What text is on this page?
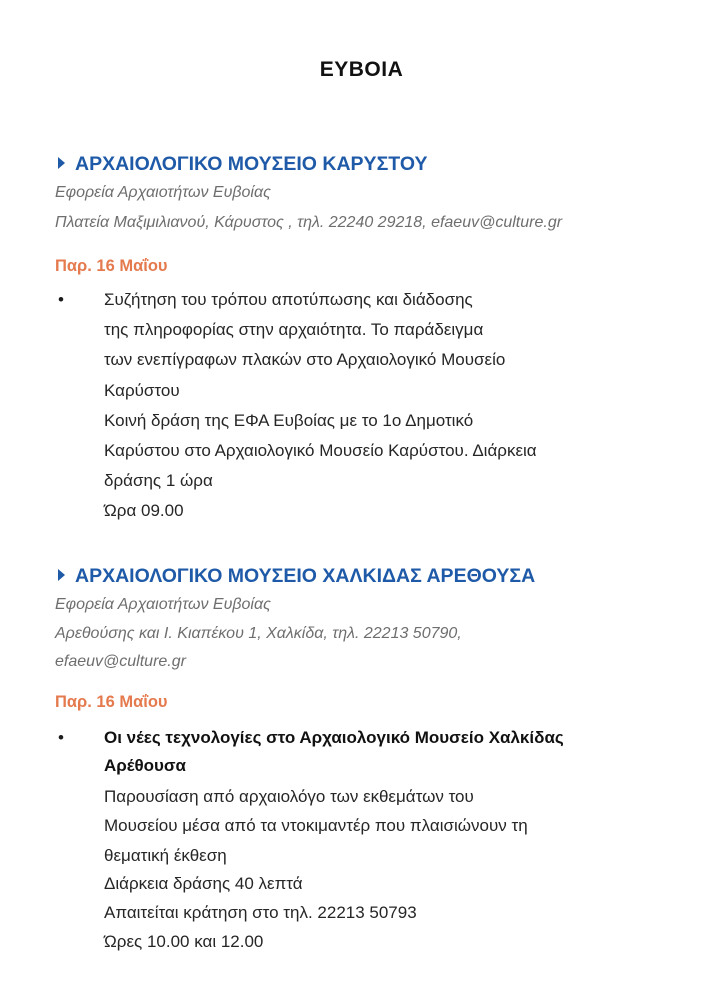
ΕΥΒΟΙΑ
ΑΡΧΑΙΟΛΟΓΙΚΟ ΜΟΥΣΕΙΟ ΚΑΡΥΣΤΟΥ
Εφορεία Αρχαιοτήτων Ευβοίας
Πλατεία Μαξιμιλιανού, Κάρυστος , τηλ. 22240 29218, efaeuv@culture.gr
Παρ. 16 Μαΐου
• Συζήτηση του τρόπου αποτύπωσης και διάδοσης
της πληροφορίας στην αρχαιότητα. Το παράδειγμα
των ενεπίγραφων πλακών στο Αρχαιολογικό Μουσείο
Καρύστου
Κοινή δράση της ΕΦΑ Ευβοίας με το 1ο Δημοτικό
Καρύστου στο Αρχαιολογικό Μουσείο Καρύστου. Διάρκεια
δράσης 1 ώρα
Ώρα 09.00
ΑΡΧΑΙΟΛΟΓΙΚΟ ΜΟΥΣΕΙΟ ΧΑΛΚΙΔΑΣ ΑΡΕΘΟΥΣΑ
Εφορεία Αρχαιοτήτων Ευβοίας
Αρεθούσης και Ι. Κιαπέκου 1, Χαλκίδα, τηλ. 22213 50790,
efaeuv@culture.gr
Παρ. 16 Μαΐου
• Οι νέες τεχνολογίες στο Αρχαιολογικό Μουσείο Χαλκίδας
Αρέθουσα
Παρουσίαση από αρχαιολόγο των εκθεμάτων του
Μουσείου μέσα από τα ντοκιμαντέρ που πλαισιώνουν τη
θεματική έκθεση
Διάρκεια δράσης 40 λεπτά
Απαιτείται κράτηση στο τηλ. 22213 50793
Ώρες 10.00 και 12.00
